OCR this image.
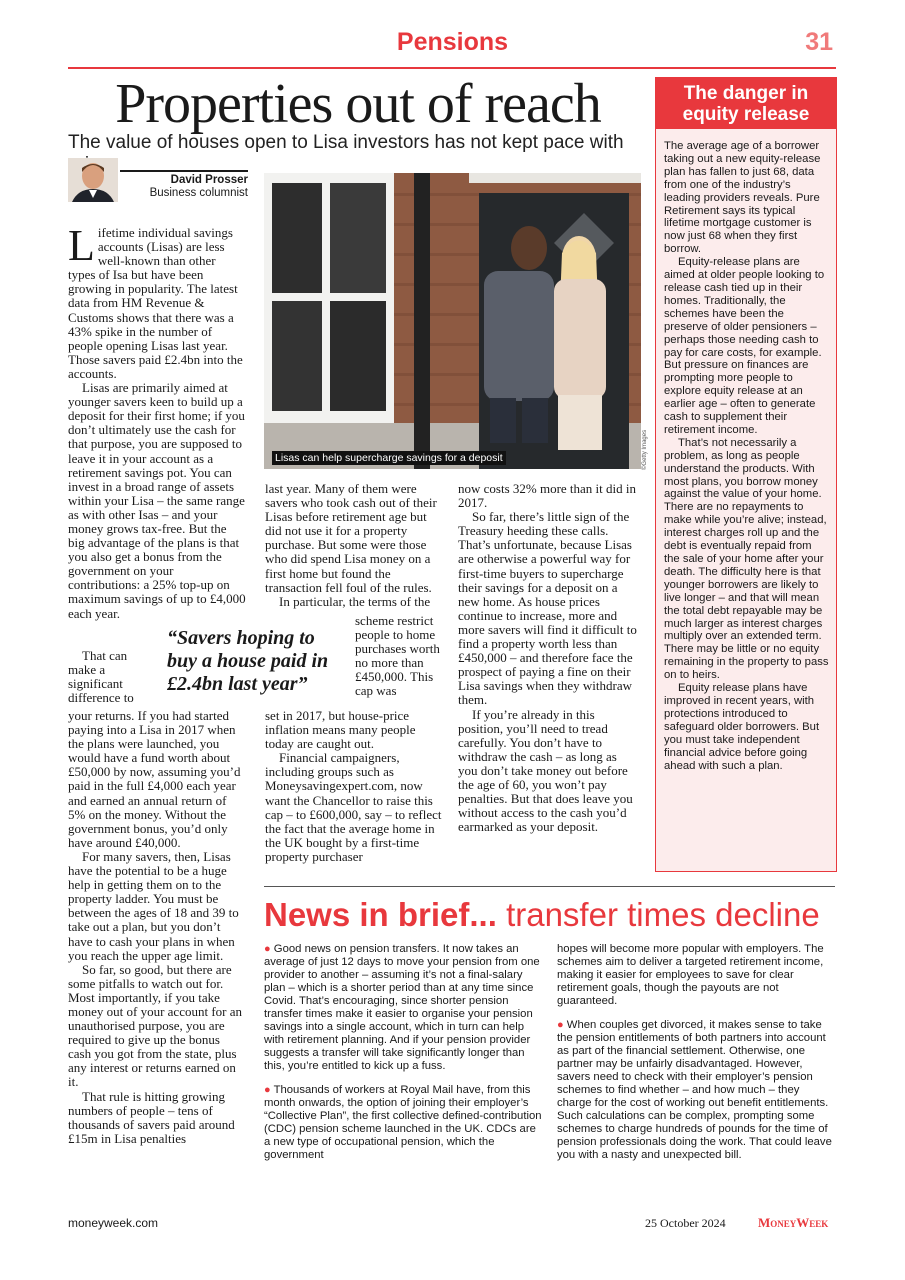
Pensions	31
Properties out of reach
The value of houses open to Lisa investors has not kept pace with
David Prosser
Business columnist

Lifetime individual savings accounts (Lisas) are less well-known than other types of Isa but have been growing in popularity. The latest data from HM Revenue & Customs shows that there was a 43% spike in the number of people opening Lisas last year. Those savers paid £2.4bn into the accounts.

Lisas are primarily aimed at younger savers keen to build up a deposit for their first home; if you don’t ultimately use the cash for that purpose, you are supposed to leave it in your account as a retirement savings pot. You can invest in a broad range of assets within your Lisa – the same range as with other Isas – and your money grows tax-free. But the big advantage of the plans is that you also get a bonus from the government on your contributions: a 25% top-up on maximum savings of up to £4,000 each year.

That can make a significant difference to

your returns. If you had started paying into a Lisa in 2017 when the plans were launched, you would have a fund worth about £50,000 by now, assuming you’d paid in the full £4,000 each year and earned an annual return of 5% on the money. Without the government bonus, you’d only have around £40,000.

For many savers, then, Lisas have the potential to be a huge help in getting them on to the property ladder. You must be between the ages of 18 and 39 to take out a plan, but you don’t have to cash your plans in when you reach the upper age limit.

So far, so good, but there are some pitfalls to watch out for. Most importantly, if you take money out of your account for an unauthorised purpose, you are required to give up the bonus cash you got from the state, plus any interest or returns earned on it.

That rule is hitting growing numbers of people – tens of thousands of savers paid around £15m in Lisa penalties

“Savers hoping to buy a house paid in £2.4bn last year”
Lisas can help supercharge savings for a deposit	©Getty Images

last year. Many of them were savers who took cash out of their Lisas before retirement age but did not use it for a property purchase. But some were those who did spend Lisa money on a first home but found the transaction fell foul of the rules.

In particular, the terms of the

scheme restrict people to home purchases worth no more than £450,000. This cap was

set in 2017, but house-price inflation means many people today are caught out.

Financial campaigners, including groups such as Moneysavingexpert.com, now want the Chancellor to raise this cap – to £600,000, say – to reflect the fact that the average home in the UK bought by a first-time property purchaser

now costs 32% more than it did in 2017.

So far, there’s little sign of the Treasury heeding these calls. That’s unfortunate, because Lisas are otherwise a powerful way for first-time buyers to supercharge their savings for a deposit on a new home. As house prices continue to increase, more and more savers will find it difficult to find a property worth less than £450,000 – and therefore face the prospect of paying a fine on their Lisa savings when they withdraw them.

If you’re already in this position, you’ll need to tread carefully. You don’t have to withdraw the cash – as long as you don’t take money out before the age of 60, you won’t pay penalties. But that does leave you without access to the cash you’d earmarked as your deposit.

The danger in equity release

The average age of a borrower taking out a new equity-release plan has fallen to just 68, data from one of the industry’s leading providers reveals. Pure Retirement says its typical lifetime mortgage customer is now just 68 when they first borrow.

Equity-release plans are aimed at older people looking to release cash tied up in their homes. Traditionally, the schemes have been the preserve of older pensioners – perhaps those needing cash to pay for care costs, for example. But pressure on finances are prompting more people to explore equity release at an earlier age – often to generate cash to supplement their retirement income.

That’s not necessarily a problem, as long as people understand the products. With most plans, you borrow money against the value of your home. There are no repayments to make while you’re alive; instead, interest charges roll up and the debt is eventually repaid from the sale of your home after your death. The difficulty here is that younger borrowers are likely to live longer – and that will mean the total debt repayable may be much larger as interest charges multiply over an extended term. There may be little or no equity remaining in the property to pass on to heirs.

Equity release plans have improved in recent years, with protections introduced to safeguard older borrowers. But you must take independent financial advice before going ahead with such a plan.

News in brief... transfer times decline

● Good news on pension transfers. It now takes an average of just 12 days to move your pension from one provider to another – assuming it’s not a final-salary plan – which is a shorter period than at any time since Covid. That’s encouraging, since shorter pension transfer times make it easier to organise your pension savings into a single account, which in turn can help with retirement planning. And if your pension provider suggests a transfer will take significantly longer than this, you’re entitled to kick up a fuss.

● Thousands of workers at Royal Mail have, from this month onwards, the option of joining their employer’s “Collective Plan”, the first collective defined-contribution (CDC) pension scheme launched in the UK. CDCs are a new type of occupational pension, which the government

hopes will become more popular with employers. The schemes aim to deliver a targeted retirement income, making it easier for employees to save for clear retirement goals, though the payouts are not guaranteed.

● When couples get divorced, it makes sense to take the pension entitlements of both partners into account as part of the financial settlement. Otherwise, one partner may be unfairly disadvantaged. However, savers need to check with their employer’s pension schemes to find whether – and how much – they charge for the cost of working out benefit entitlements. Such calculations can be complex, prompting some schemes to charge hundreds of pounds for the time of pension professionals doing the work. That could leave you with a nasty and unexpected bill.

moneyweek.com	25 October 2024 MoneyWeek
